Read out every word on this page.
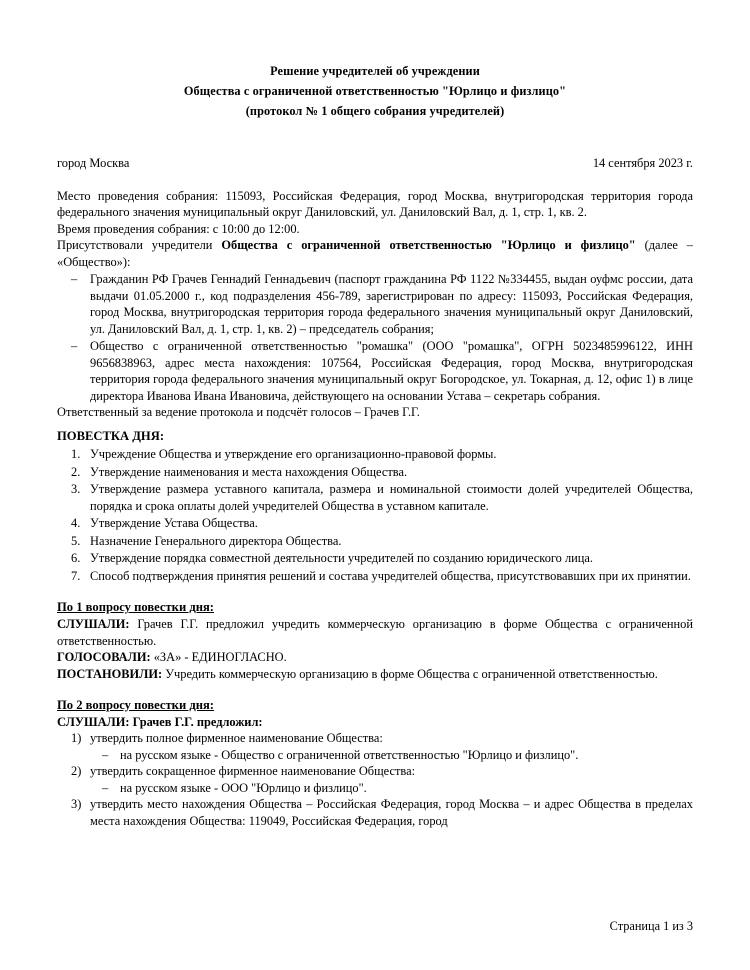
Решение учредителей об учреждении
Общества с ограниченной ответственностью "Юрлицо и физлицо"
(протокол № 1 общего собрания учредителей)
город Москва	14 сентября 2023 г.

Место проведения собрания: 115093, Российская Федерация, город Москва, внутригородская территория города федерального значения муниципальный округ Даниловский, ул. Даниловский Вал, д. 1, стр. 1, кв. 2.

Время проведения собрания: с 10:00 до 12:00.

Присутствовали учредители Общества с ограниченной ответственностью "Юрлицо и физлицо" (далее – «Общество»):

– Гражданин РФ Грачев Геннадий Геннадьевич (паспорт гражданина РФ 1122 №334455, выдан оуфмс россии, дата выдачи 01.05.2000 г., код подразделения 456-789, зарегистрирован по адресу: 115093, Российская Федерация, город Москва, внутригородская территория города федерального значения муниципальный округ Даниловский, ул. Даниловский Вал, д. 1, стр. 1, кв. 2) – председатель собрания;
– Общество с ограниченной ответственностью "ромашка" (ООО "ромашка", ОГРН 5023485996122, ИНН 9656838963, адрес места нахождения: 107564, Российская Федерация, город Москва, внутригородская территория города федерального значения муниципальный округ Богородское, ул. Токарная, д. 12, офис 1) в лице директора Иванова Ивана Ивановича, действующего на основании Устава – секретарь собрания.

Ответственный за ведение протокола и подсчёт голосов – Грачев Г.Г.

ПОВЕСТКА ДНЯ:
Учреждение Общества и утверждение его организационно-правовой формы.
Утверждение наименования и места нахождения Общества.
Утверждение размера уставного капитала, размера и номинальной стоимости долей учредителей Общества, порядка и срока оплаты долей учредителей Общества в уставном капитале.
Утверждение Устава Общества.
Назначение Генерального директора Общества.
Утверждение порядка совместной деятельности учредителей по созданию юридического лица.
Способ подтверждения принятия решений и состава учредителей общества, присутствовавших при их принятии.
По 1 вопросу повестки дня:

СЛУШАЛИ: Грачев Г.Г. предложил учредить коммерческую организацию в форме Общества с ограниченной ответственностью.

ГОЛОСОВАЛИ: «ЗА» - ЕДИНОГЛАСНО.

ПОСТАНОВИЛИ: Учредить коммерческую организацию в форме Общества с ограниченной ответственностью.

По 2 вопросу повестки дня:

СЛУШАЛИ: Грачев Г.Г. предложил:

утвердить полное фирменное наименование Общества:
– на русском языке - Общество с ограниченной ответственностью "Юрлицо и физлицо".
утвердить сокращенное фирменное наименование Общества:
– на русском языке - ООО "Юрлицо и физлицо".
утвердить место нахождения Общества – Российская Федерация, город Москва – и адрес Общества в пределах места нахождения Общества: 119049, Российская Федерация, город
Страница 1 из 3
